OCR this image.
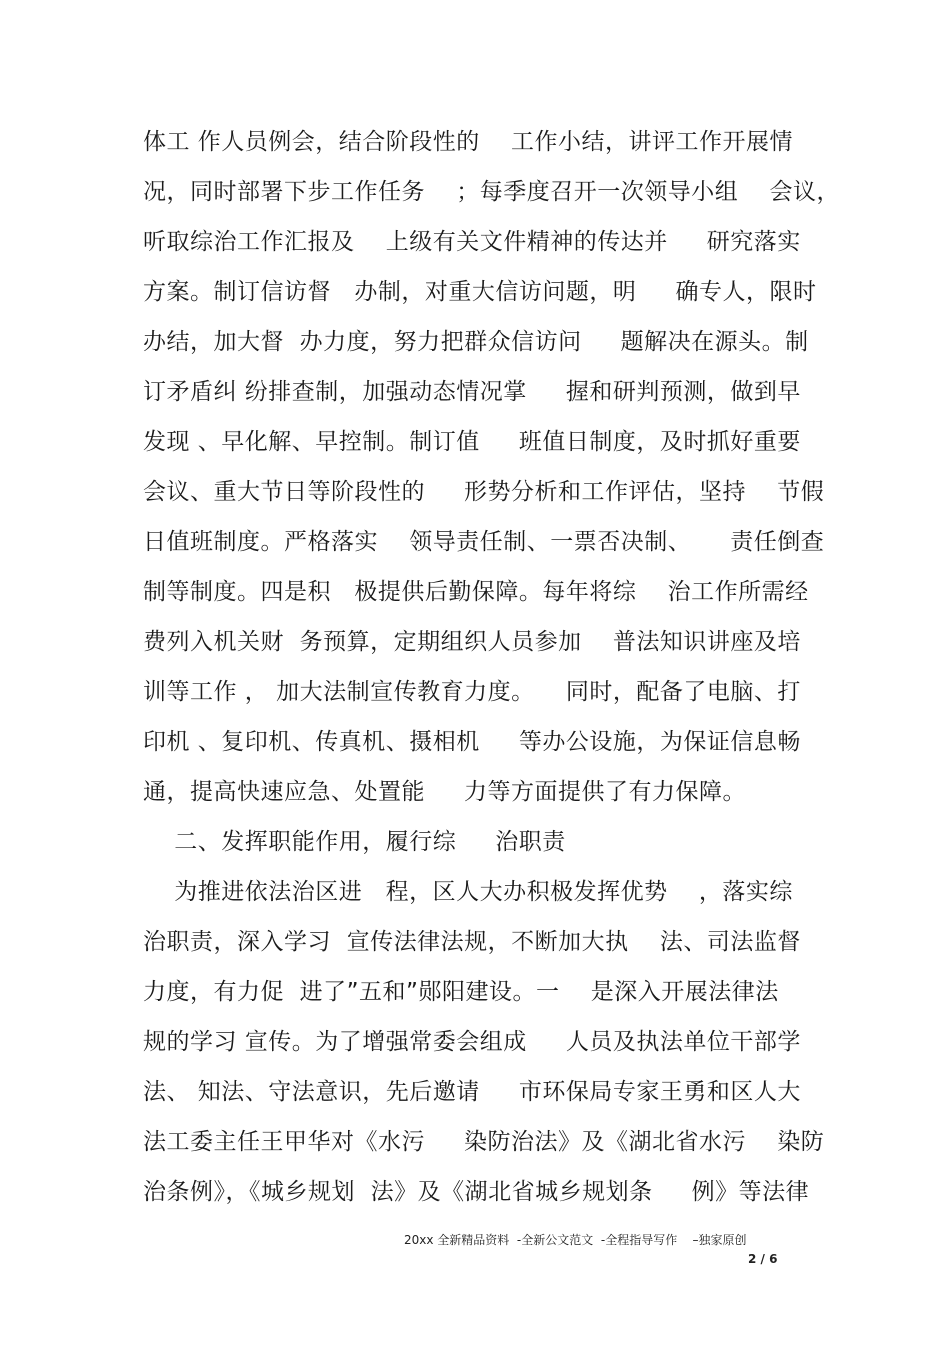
体工 作人员例会，结合阶段性的    工作小结，讲评工作开展情
况，同时部署下步工作任务    ；每季度召开一次领导小组    会议，
听取综治工作汇报及    上级有关文件精神的传达并     研究落实
方案。制订信访督   办制，对重大信访问题，明     确专人，限时
办结，加大督  办力度，努力把群众信访问     题解决在源头。制
订矛盾纠 纷排查制，加强动态情况掌     握和研判预测，做到早
发现 、早化解、早控制。制订值     班值日制度，及时抓好重要
会议、重大节日等阶段性的     形势分析和工作评估，坚持    节假
日值班制度。严格落实    领导责任制、一票否决制、     责任倒查
制等制度。四是积   极提供后勤保障。每年将综    治工作所需经
费列入机关财  务预算，定期组织人员参加    普法知识讲座及培
训等工作 ， 加大法制宣传教育力度。    同时，配备了电脑、打
印机 、复印机、传真机、摄相机     等办公设施，为保证信息畅
通，提高快速应急、处置能     力等方面提供了有力保障。
二、发挥职能作用，履行综     治职责
为推进依法治区进   程，区人大办积极发挥优势    ，落实综
治职责，深入学习  宣传法律法规，不断加大执    法、司法监督
力度，有力促  进了”五和”郧阳建设。一    是深入开展法律法
规的学习 宣传。为了增强常委会组成     人员及执法单位干部学
法、 知法、守法意识，先后邀请     市环保局专家王勇和区人大
法工委主任王甲华对《水污     染防治法》及《湖北省水污    染防
治条例》，《城乡规划  法》及《湖北省城乡规划条     例》等法律
20xx 全新精品资料  -全新公文范文  -全程指导写作    –独家原创
2 / 6
